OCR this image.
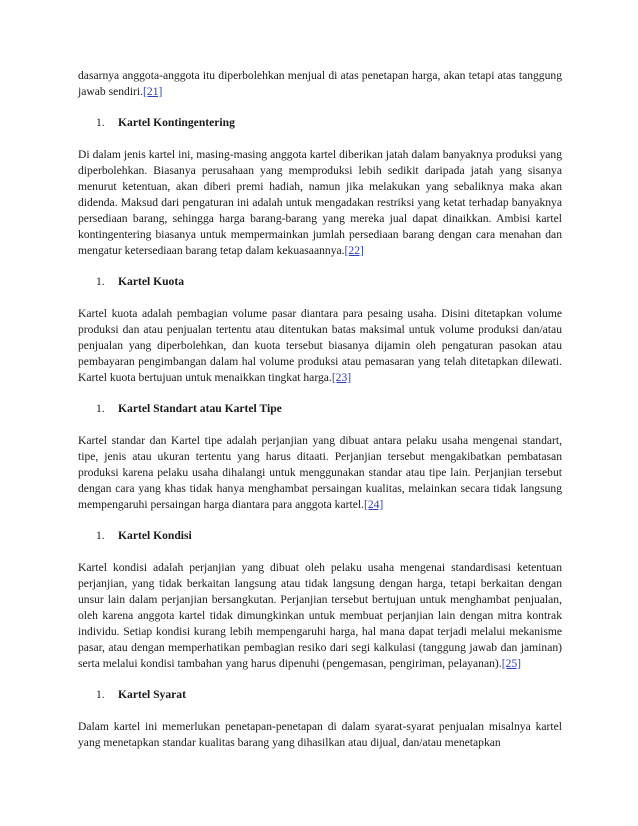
dasarnya anggota-anggota itu diperbolehkan menjual di atas penetapan harga, akan tetapi atas tanggung jawab sendiri.[21]

1.	Kartel Kontingentering

Di dalam jenis kartel ini, masing-masing anggota kartel diberikan jatah dalam banyaknya produksi yang diperbolehkan. Biasanya perusahaan yang memproduksi lebih sedikit daripada jatah yang sisanya menurut ketentuan, akan diberi premi hadiah, namun jika melakukan yang sebaliknya maka akan didenda. Maksud dari pengaturan ini adalah untuk mengadakan restriksi yang ketat terhadap banyaknya persediaan barang, sehingga harga barang-barang yang mereka jual dapat dinaikkan. Ambisi kartel kontingentering biasanya untuk mempermainkan jumlah persediaan barang dengan cara menahan dan mengatur ketersediaan barang tetap dalam kekuasaannya.[22]

1.	Kartel Kuota

Kartel kuota adalah pembagian volume pasar diantara para pesaing usaha. Disini ditetapkan volume produksi dan atau penjualan tertentu atau ditentukan batas maksimal untuk volume produksi dan/atau penjualan yang diperbolehkan, dan kuota tersebut biasanya dijamin oleh pengaturan pasokan atau pembayaran pengimbangan dalam hal volume produksi atau pemasaran yang telah ditetapkan dilewati. Kartel kuota bertujuan untuk menaikkan tingkat harga.[23]

1.	Kartel Standart atau Kartel Tipe

Kartel standar dan Kartel tipe adalah perjanjian yang dibuat antara pelaku usaha mengenai standart, tipe, jenis atau ukuran tertentu yang harus ditaati. Perjanjian tersebut mengakibatkan pembatasan produksi karena pelaku usaha dihalangi untuk menggunakan standar atau tipe lain. Perjanjian tersebut dengan cara yang khas tidak hanya menghambat persaingan kualitas, melainkan secara tidak langsung mempengaruhi persaingan harga diantara para anggota kartel.[24]

1.	Kartel Kondisi

Kartel kondisi adalah perjanjian yang dibuat oleh pelaku usaha mengenai standardisasi ketentuan perjanjian, yang tidak berkaitan langsung atau tidak langsung dengan harga, tetapi berkaitan dengan unsur lain dalam perjanjian bersangkutan. Perjanjian tersebut bertujuan untuk menghambat penjualan, oleh karena anggota kartel tidak dimungkinkan untuk membuat perjanjian lain dengan mitra kontrak individu. Setiap kondisi kurang lebih mempengaruhi harga, hal mana dapat terjadi melalui mekanisme pasar, atau dengan memperhatikan pembagian resiko dari segi kalkulasi (tanggung jawab dan jaminan) serta melalui kondisi tambahan yang harus dipenuhi (pengemasan, pengiriman, pelayanan).[25]

1.	Kartel Syarat

Dalam kartel ini memerlukan penetapan-penetapan di dalam syarat-syarat penjualan misalnya kartel yang menetapkan standar kualitas barang yang dihasilkan atau dijual, dan/atau menetapkan
